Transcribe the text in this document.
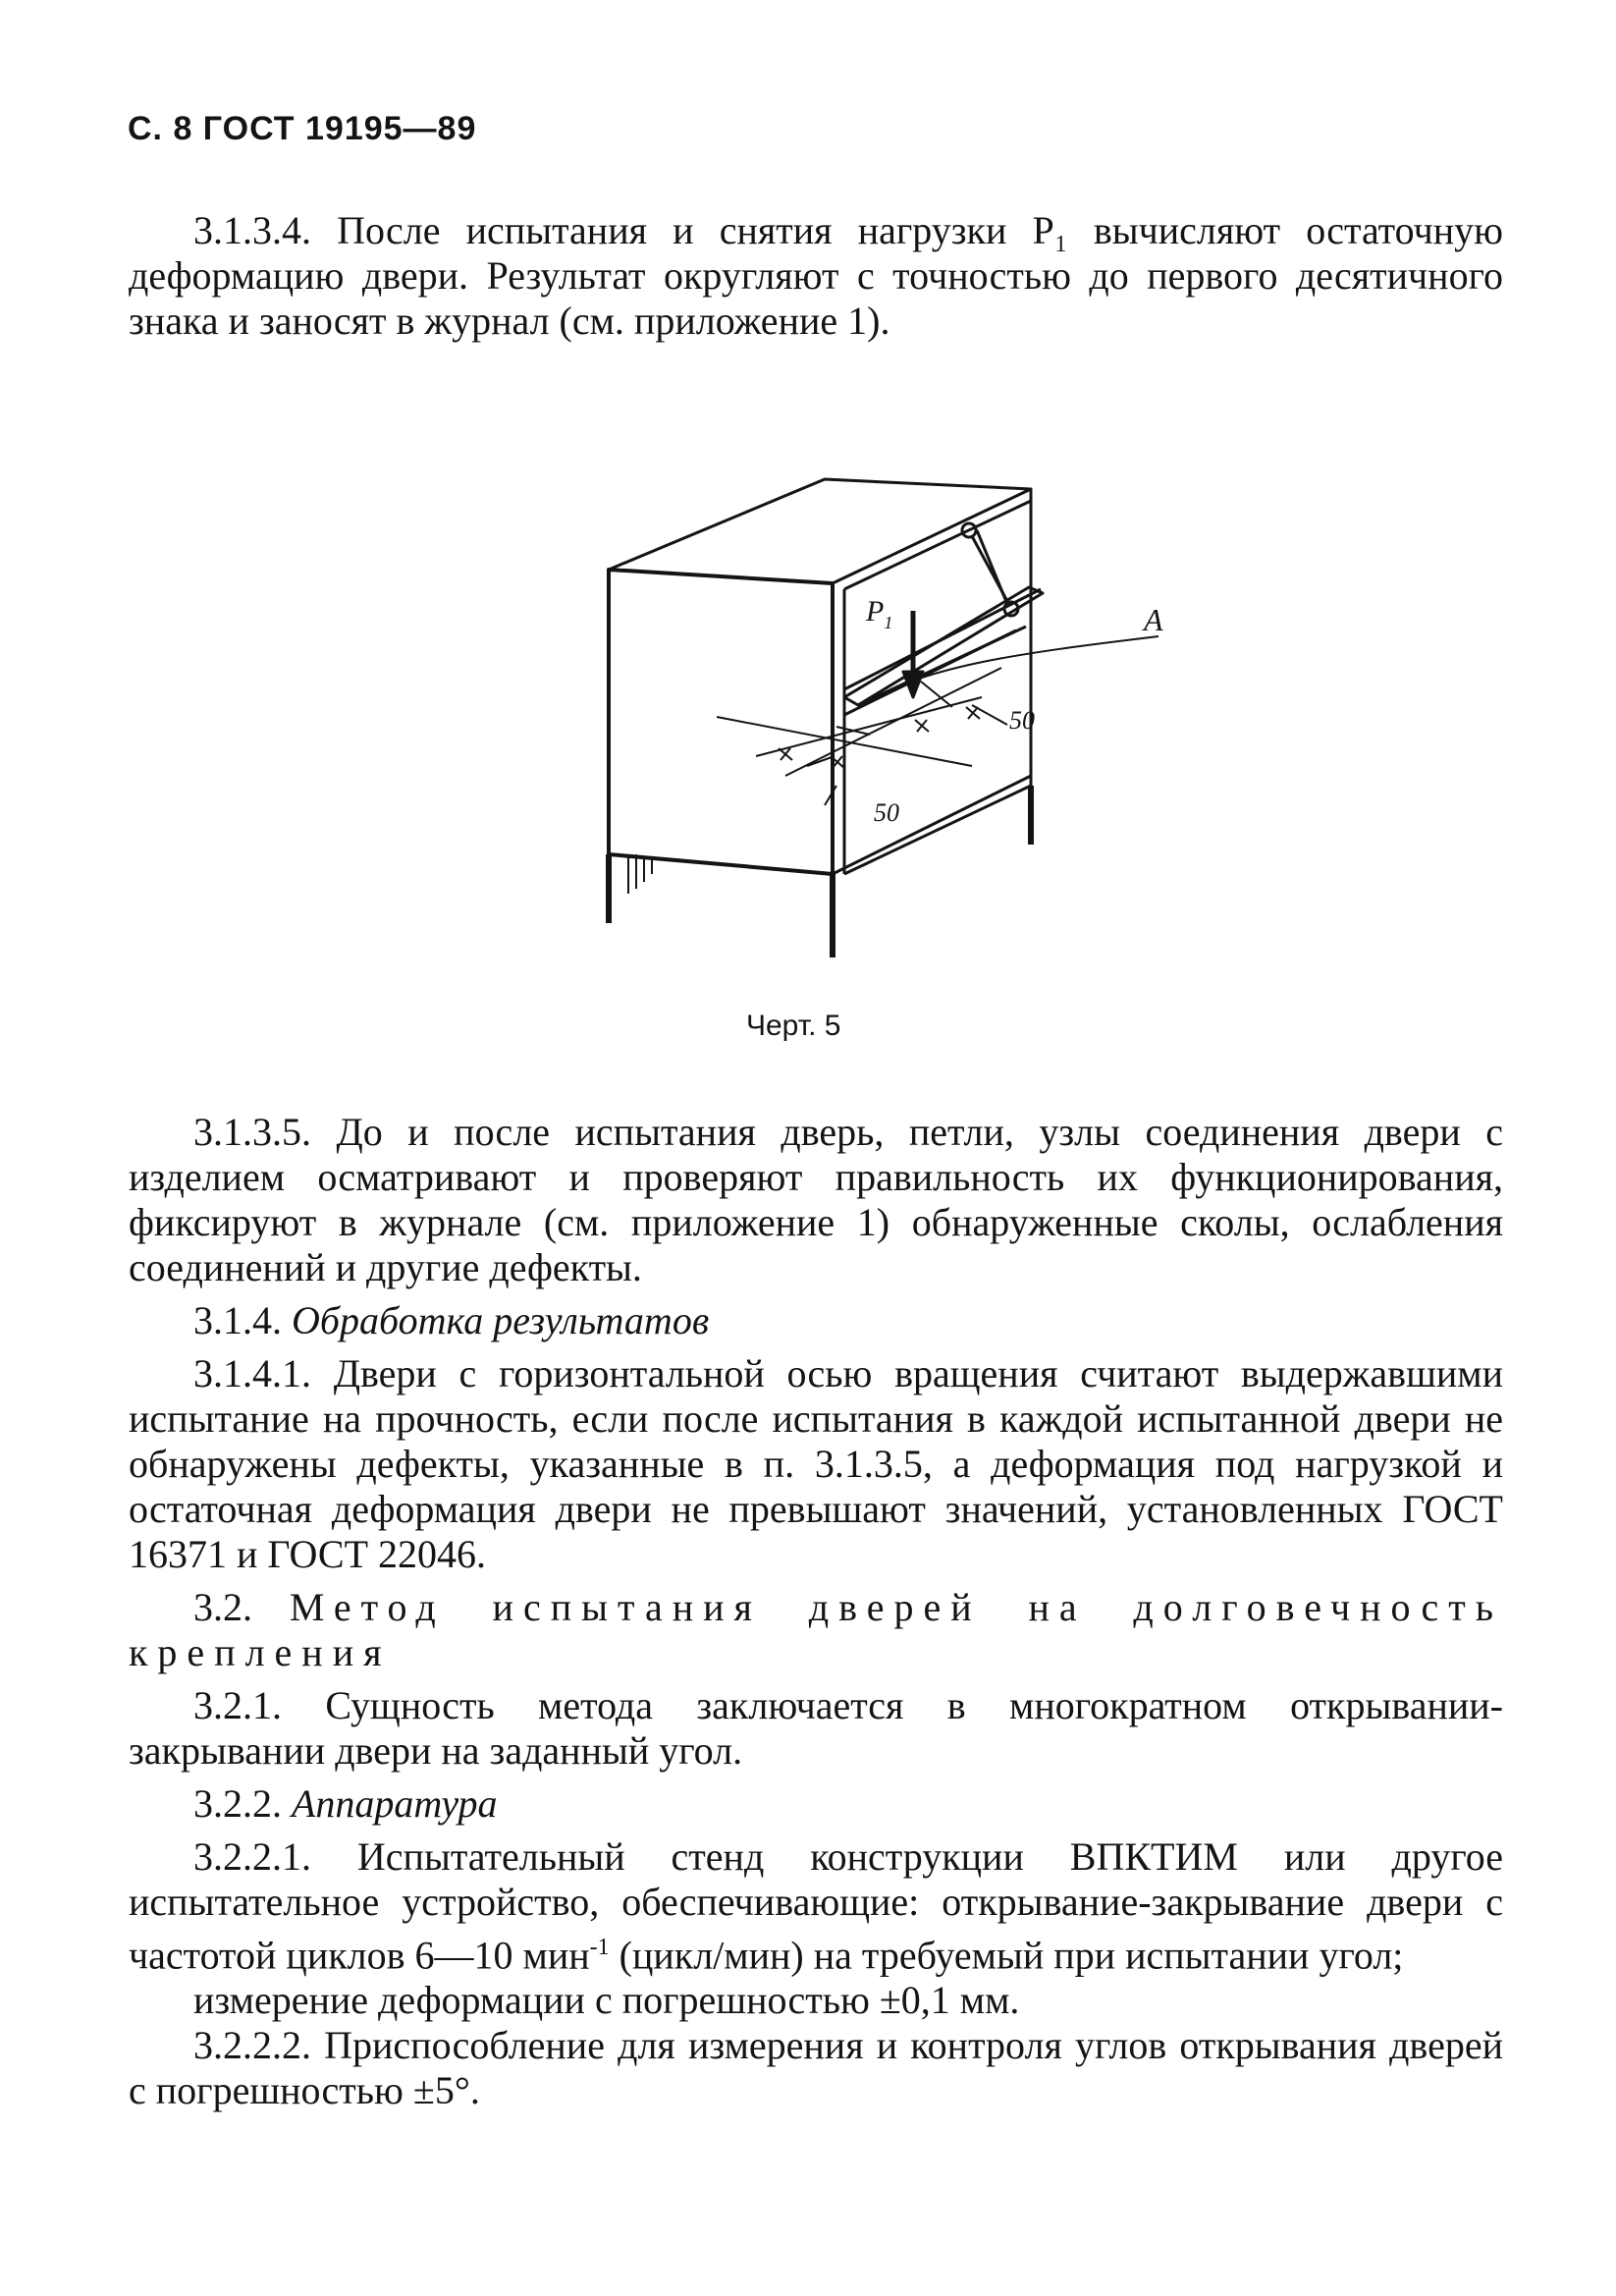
С. 8 ГОСТ 19195—89

3.1.3.4. После испытания и снятия нагрузки P₁ вычисляют остаточную деформацию двери. Результат округляют с точностью до первого десятичного знака и заносят в журнал (см. приложение 1).

$P_1$	A
50
50
Черт. 5

3.1.3.5. До и после испытания дверь, петли, узлы соединения двери с изделием осматривают и проверяют правильность их функционирования, фиксируют в журнале (см. приложение 1) обнаруженные сколы, ослабления соединений и другие дефекты.

3.1.4. Обработка результатов

3.1.4.1. Двери с горизонтальной осью вращения считают выдержавшими испытание на прочность, если после испытания в каждой испытанной двери не обнаружены дефекты, указанные в п. 3.1.3.5, а деформация под нагрузкой и остаточная деформация двери не превышают значений, установленных ГОСТ 16371 и ГОСТ 22046.

3.2. Метод испытания дверей на долговечность крепления

3.2.1. Сущность метода заключается в многократном открывании- закрывании двери на заданный угол.

3.2.2. Аппаратура

3.2.2.1. Испытательный стенд конструкции ВПКТИМ или другое испытательное устройство, обеспечивающие: открывание-закрывание двери с частотой циклов 6—10 мин$^{-1}$ (цикл/мин) на требуемый при испытании угол;

измерение деформации с погрешностью ±0,1 мм.

3.2.2.2. Приспособление для измерения и контроля углов открывания дверей с погрешностью ±5°.
